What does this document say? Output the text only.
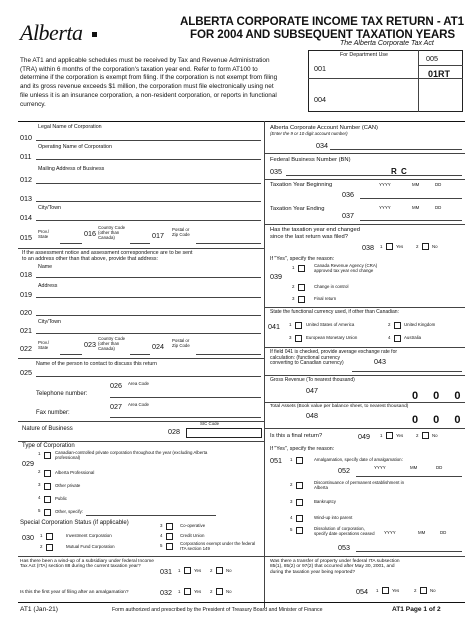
Alberta	ALBERTA CORPORATE INCOME TAX RETURN - AT1
FOR 2004 AND SUBSEQUENT TAXATION YEARS
The Alberta Corporate Tax Act
For Department Use
001
005
01RT
004
The AT1 and applicable schedules must be received by Tax and Revenue Administration
(TRA) within 6 months of the corporation's taxation year end. Refer to form AT100 to
determine if the corporation is exempt from filing. If the corporation is not exempt from filing
and its gross revenue exceeds $1 million, the corporation must file electronically using net
file unless it is an insurance corporation, a non-resident corporation, or reports in functional
currency.
010
Legal Name of Corporation
011
Operating Name of Corporation
012
Mailing Address of Business
013
014
City/Town
015
Prov./ State	016
Country Code (other than Canada)	017
Postal or Zip Code
If the assessment notice and assessment correspondence are to be sent
to an address other than that above, provide that address:
018
Name
019
Address
020
021
City/Town
022
Prov./ State	023
Country Code (other than Canada)	024
Postal or Zip Code
Name of the person to contact to discuss this return
025
026 Area Code
Telephone number:
027 Area Code
Fax number:
Nature of Business	028
SIC Code
Type of Corporation
029
1	Canadian-controlled private corporation throughout the year (excluding Alberta professional)
2	Alberta Professional
3	Other private
4	Public
5	Other, specify:
Special Corporation Status (if applicable)
030 1	Investment Corporation
2	Mutual Fund Corporation
3	Co-operative
4	Credit Union
5	Corporations exempt under the federal ITA section 149
Has there been a wind-up of a subsidiary under federal Income
Tax Act (ITA) section 88 during the current taxation year?
031 1	Yes 2	No
Is this the first year of filing after an amalgamation?	032 1	Yes 2	No
Alberta Corporate Account Number (CAN)
(Enter the 9 or 10 digit account number)
034
Federal Business Number (BN)
035	R C
Taxation Year Beginning	YYYY	MM	DD
036
Taxation Year Ending	YYYY	MM	DD
037
Has the taxation year end changed
since the last return was filed?
038 1	Yes	2	No
If "Yes", specify the reason:
039
1	Canada Revenue Agency (CRA) approved tax year end change
2	Change in control
3	Final return
State the functional currency used, if other than Canadian:
041 1	United States of America
3	European Monetary Union
2	United Kingdom
4	Australia
If field 041 is checked, provide average exchange rate for
calculation: (functional currency
converting to Canadian currency)	043
Gross Revenue (To nearest thousand)
047	0 0 0
Total Assets (Book value per balance sheet, to nearest thousand)
048	0 0 0
Is this a final return?	049 1	Yes	2	No
If "Yes", specify the reason:
051 1	Amalgamation, specify date of amalgamation:
YYYY	MM	DD
052
2	Discontinuance of permanent establishment in Alberta
3	Bankruptcy
4	Wind-up into parent
5	Dissolution of corporation, specify date operations ceased	YYYY	MM	DD
053
Was there a transfer of property under federal ITA subsection
85(1), 85(2) or 97(2) that occurred after May 30, 2001, and
during the taxation year being reported?
054 1	Yes	2	No
AT1 (Jan-21)	Form authorized and prescribed by the President of Treasury Board and Minister of Finance	AT1 Page 1 of 2
